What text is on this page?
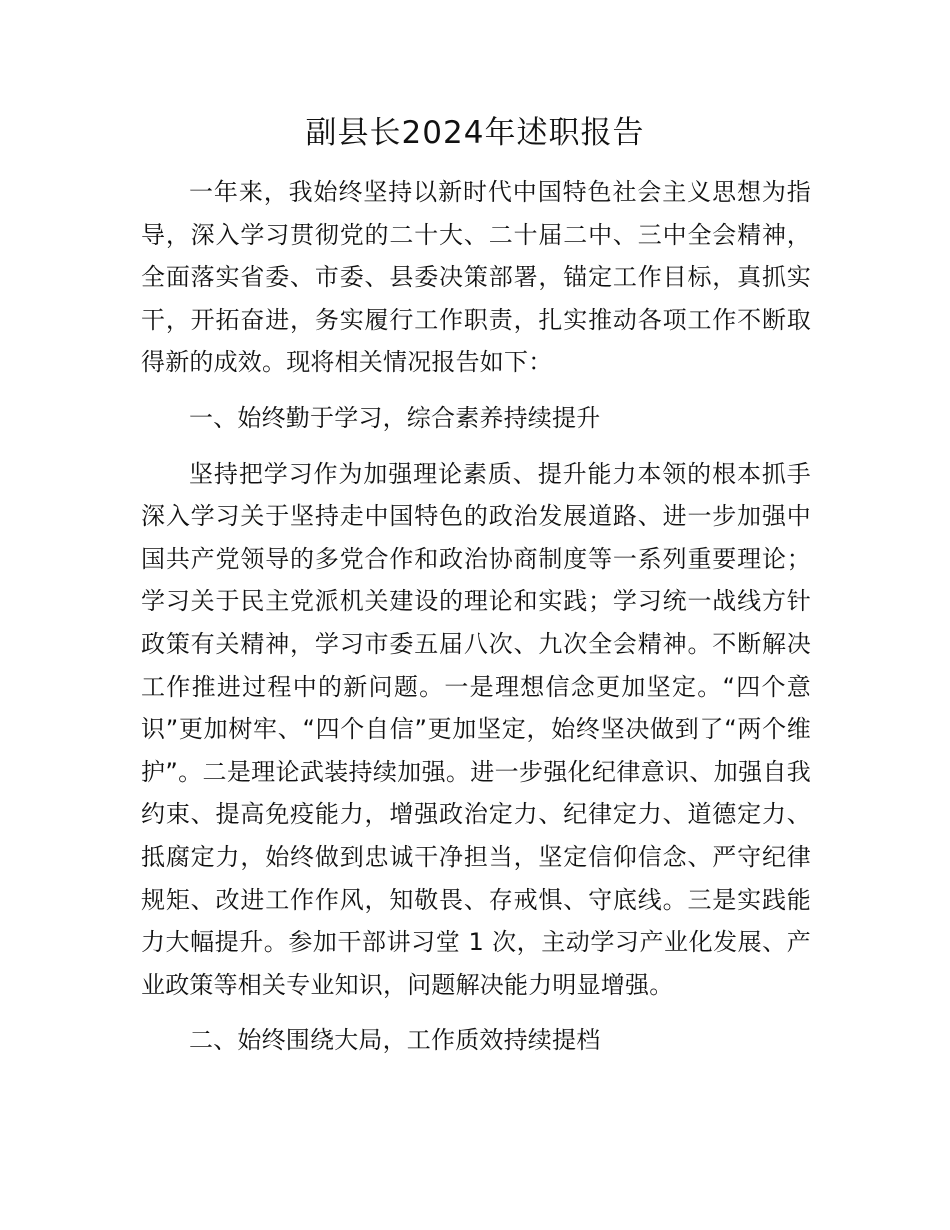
副县长2024年述职报告

一年来，我始终坚持以新时代中国特色社会主义思想为指导，深入学习贯彻党的二十大、二十届二中、三中全会精神，全面落实省委、市委、县委决策部署，锚定工作目标，真抓实干，开拓奋进，务实履行工作职责，扎实推动各项工作不断取得新的成效。现将相关情况报告如下：

一、始终勤于学习，综合素养持续提升

坚持把学习作为加强理论素质、提升能力本领的根本抓手深入学习关于坚持走中国特色的政治发展道路、进一步加强中国共产党领导的多党合作和政治协商制度等一系列重要理论；学习关于民主党派机关建设的理论和实践；学习统一战线方针政策有关精神，学习市委五届八次、九次全会精神。不断解决工作推进过程中的新问题。一是理想信念更加坚定。“四个意识”更加树牢、“四个自信”更加坚定，始终坚决做到了“两个维护”。二是理论武装持续加强。进一步强化纪律意识、加强自我约束、提高免疫能力，增强政治定力、纪律定力、道德定力、抵腐定力，始终做到忠诚干净担当，坚定信仰信念、严守纪律规矩、改进工作作风，知敬畏、存戒惧、守底线。三是实践能力大幅提升。参加干部讲习堂 1 次，主动学习产业化发展、产业政策等相关专业知识，问题解决能力明显增强。

二、始终围绕大局，工作质效持续提档
